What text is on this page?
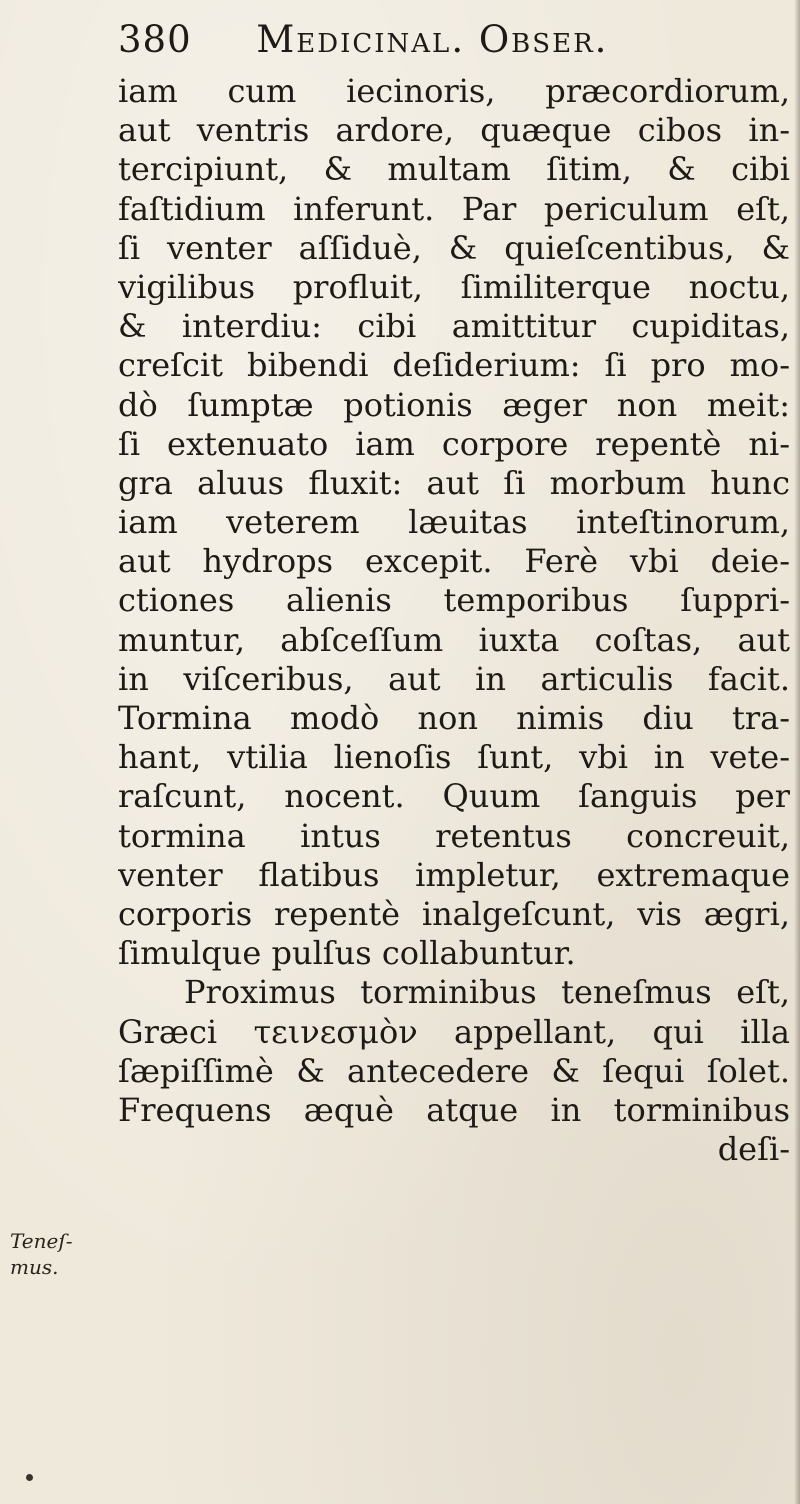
380 Medicinal. Obser.
iam cum iecinoris, præcordiorum,
aut ventris ardore, quæque cibos in-
tercipiunt, & multam ſitim, & cibi
faſtidium inferunt. Par periculum eſt,
ſi venter aſſiduè, & quieſcentibus, &
vigilibus profluit, ſimiliterque noctu,
& interdiu: cibi amittitur cupiditas,
creſcit bibendi deſiderium: ſi pro mo-
dò ſumptæ potionis æger non meit:
ſi extenuato iam corpore repentè ni-
gra aluus fluxit: aut ſi morbum hunc
iam veterem læuitas inteſtinorum,
aut hydrops excepit. Ferè vbi deie-
ctiones alienis temporibus ſuppri-
muntur, abſceſſum iuxta coſtas, aut
in viſceribus, aut in articulis facit.
Tormina modò non nimis diu tra-
hant, vtilia lienoſis ſunt, vbi in vete-
raſcunt, nocent. Quum ſanguis per
tormina intus retentus concreuit,
venter flatibus impletur, extremaque
corporis repentè inalgeſcunt, vis ægri,
ſimulque pulſus collabuntur.
Proximus torminibus teneſmus eſt,
Græci τεινεσμὸν appellant, qui illa
ſæpiſſimè & antecedere & ſequi ſolet.
Frequens æquè atque in torminibus
deſi-
Teneſ-
mus.
